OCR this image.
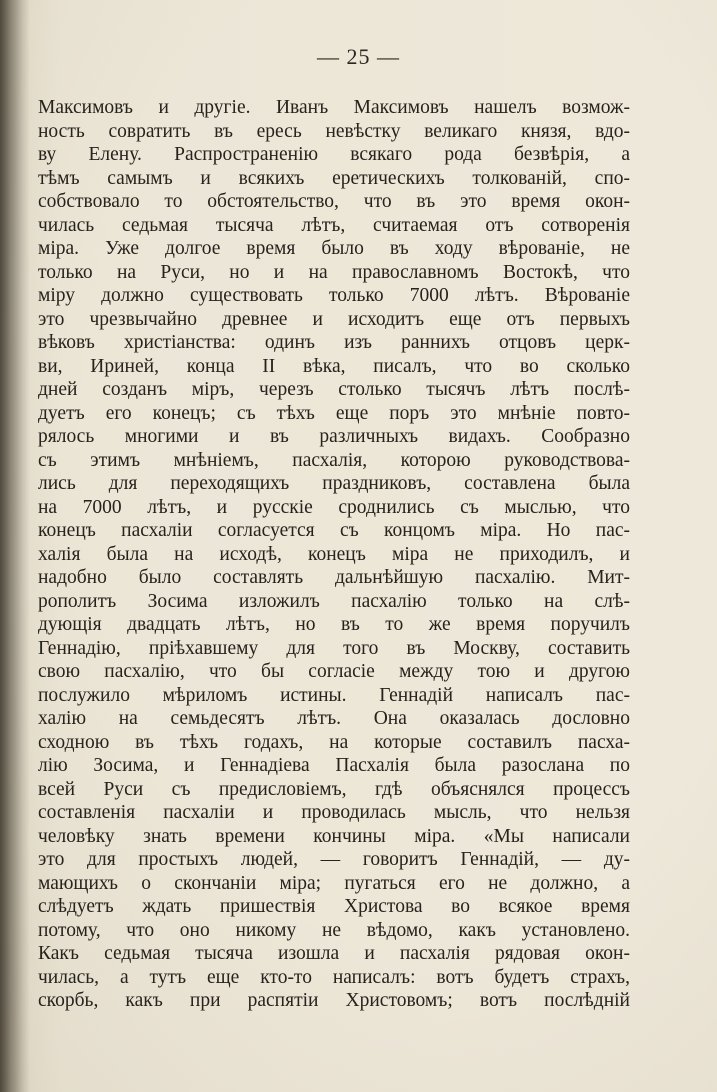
— 25 —
Максимовъ и другіе. Иванъ Максимовъ нашелъ возмож-
ность совратить въ ересь невѣстку великаго князя, вдо-
ву Елену. Распространенію всякаго рода безвѣрія, а
тѣмъ самымъ и всякихъ еретическихъ толкованій, спо-
собствовало то обстоятельство, что въ это время окон-
чилась седьмая тысяча лѣтъ, считаемая отъ сотворенія
міра. Уже долгое время было въ ходу вѣрованіе, не
только на Руси, но и на православномъ Востокѣ, что
міру должно существовать только 7000 лѣтъ. Вѣрованіе
это чрезвычайно древнее и исходитъ еще отъ первыхъ
вѣковъ христіанства: одинъ изъ раннихъ отцовъ церк-
ви, Ириней, конца II вѣка, писалъ, что во сколько
дней созданъ міръ, черезъ столько тысячъ лѣтъ послѣ-
дуетъ его конецъ; съ тѣхъ еще поръ это мнѣніе повто-
рялось многими и въ различныхъ видахъ. Сообразно
съ этимъ мнѣніемъ, пасхалія, которою руководствова-
лись для переходящихъ праздниковъ, составлена была
на 7000 лѣтъ, и русскіе сроднились съ мыслью, что
конецъ пасхаліи согласуется съ концомъ міра. Но пас-
халія была на исходѣ, конецъ міра не приходилъ, и
надобно было составлять дальнѣйшую пасхалію. Мит-
рополитъ Зосима изложилъ пасхалію только на слѣ-
дующія двадцать лѣтъ, но въ то же время поручилъ
Геннадію, пріѣхавшему для того въ Москву, составить
свою пасхалію, что бы согласіе между тою и другою
послужило мѣриломъ истины. Геннадій написалъ пас-
халію на семьдесятъ лѣтъ. Она оказалась дословно
сходною въ тѣхъ годахъ, на которые составилъ пасха-
лію Зосима, и Геннадіева Пасхалія была разослана по
всей Руси съ предисловіемъ, гдѣ объяснялся процессъ
составленія пасхаліи и проводилась мысль, что нельзя
человѣку знать времени кончины міра. «Мы написали
это для простыхъ людей, — говоритъ Геннадій, — ду-
мающихъ о скончаніи міра; пугаться его не должно, а
слѣдуетъ ждать пришествія Христова во всякое время
потому, что оно никому не вѣдомо, какъ установлено.
Какъ седьмая тысяча изошла и пасхалія рядовая окон-
чилась, а тутъ еще кто-то написалъ: вотъ будетъ страхъ,
скорбь, какъ при распятіи Христовомъ; вотъ послѣдній
